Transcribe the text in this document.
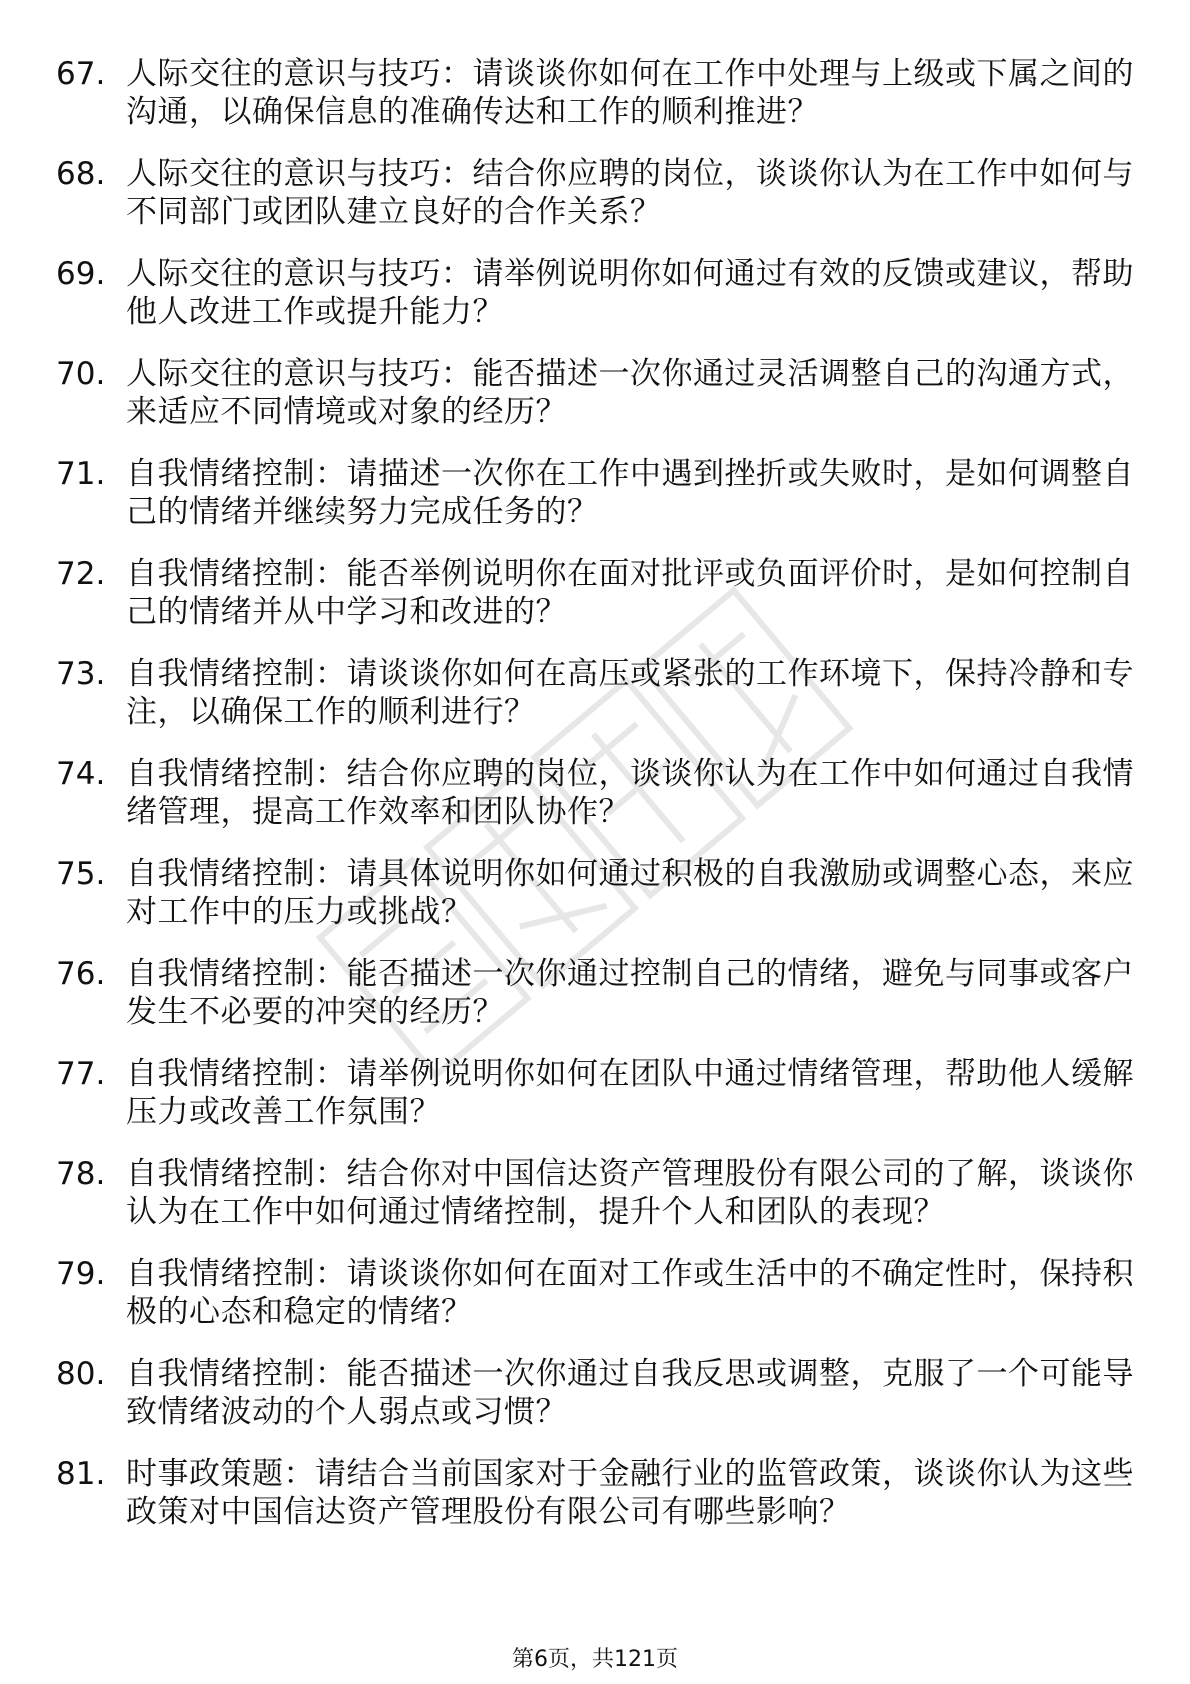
67. 人际交往的意识与技巧：请谈谈你如何在工作中处理与上级或下属之间的沟通，以确保信息的准确传达和工作的顺利推进？
68. 人际交往的意识与技巧：结合你应聘的岗位，谈谈你认为在工作中如何与不同部门或团队建立良好的合作关系？
69. 人际交往的意识与技巧：请举例说明你如何通过有效的反馈或建议，帮助他人改进工作或提升能力？
70. 人际交往的意识与技巧：能否描述一次你通过灵活调整自己的沟通方式，来适应不同情境或对象的经历？
71. 自我情绪控制：请描述一次你在工作中遇到挫折或失败时，是如何调整自己的情绪并继续努力完成任务的？
72. 自我情绪控制：能否举例说明你在面对批评或负面评价时，是如何控制自己的情绪并从中学习和改进的？
73. 自我情绪控制：请谈谈你如何在高压或紧张的工作环境下，保持冷静和专注，以确保工作的顺利进行？
74. 自我情绪控制：结合你应聘的岗位，谈谈你认为在工作中如何通过自我情绪管理，提高工作效率和团队协作？
75. 自我情绪控制：请具体说明你如何通过积极的自我激励或调整心态，来应对工作中的压力或挑战？
76. 自我情绪控制：能否描述一次你通过控制自己的情绪，避免与同事或客户发生不必要的冲突的经历？
77. 自我情绪控制：请举例说明你如何在团队中通过情绪管理，帮助他人缓解压力或改善工作氛围？
78. 自我情绪控制：结合你对中国信达资产管理股份有限公司的了解，谈谈你认为在工作中如何通过情绪控制，提升个人和团队的表现？
79. 自我情绪控制：请谈谈你如何在面对工作或生活中的不确定性时，保持积极的心态和稳定的情绪？
80. 自我情绪控制：能否描述一次你通过自我反思或调整，克服了一个可能导致情绪波动的个人弱点或习惯？
81. 时事政策题：请结合当前国家对于金融行业的监管政策，谈谈你认为这些政策对中国信达资产管理股份有限公司有哪些影响？
第6页，共121页
